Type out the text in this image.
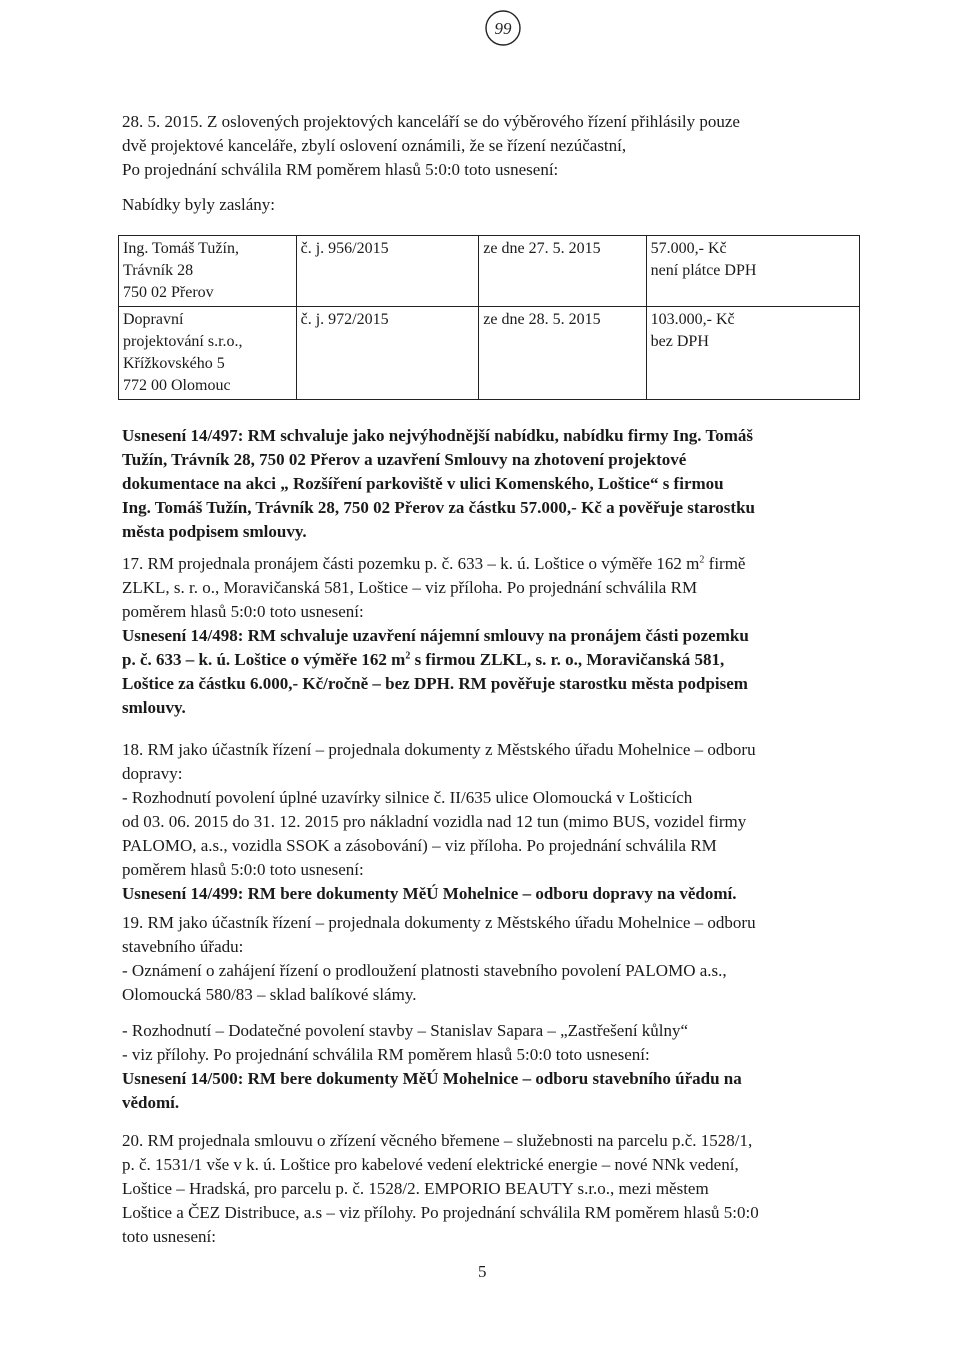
99
28. 5. 2015. Z oslovených projektových kanceláří se do výběrového řízení přihlásily pouze
dvě projektové kanceláře, zbylí oslovení oznámili, že se řízení nezúčastní,
Po projednání schválila RM poměrem hlasů 5:0:0 toto usnesení:
Nabídky byly zaslány:
Ing. Tomáš Tužín,
Trávník 28
750 02 Přerov	č. j. 956/2015	ze dne 27. 5. 2015	57.000,- Kč
není plátce DPH

Dopravní
projektování s.r.o.,
Křížkovského 5
772 00 Olomouc	č. j. 972/2015	ze dne 28. 5. 2015	103.000,- Kč
bez DPH
Usnesení 14/497: RM schvaluje jako nejvýhodnější nabídku, nabídku firmy Ing. Tomáš
Tužín, Trávník 28, 750 02 Přerov a uzavření Smlouvy na zhotovení projektové
dokumentace na akci „ Rozšíření parkoviště v ulici Komenského, Loštice“ s firmou
Ing. Tomáš Tužín, Trávník 28, 750 02 Přerov za částku 57.000,- Kč a pověřuje starostku
města podpisem smlouvy.
17. RM projednala pronájem části pozemku p. č. 633 – k. ú. Loštice o výměře 162 $m^2$ firmě
ZLKL, s. r. o., Moravičanská 581, Loštice – viz příloha. Po projednání schválila RM
poměrem hlasů 5:0:0 toto usnesení:
Usnesení 14/498: RM schvaluje uzavření nájemní smlouvy na pronájem části pozemku
p. č. 633 – k. ú. Loštice o výměře 162 $m^2$ s firmou ZLKL, s. r. o., Moravičanská 581,
Loštice za částku 6.000,- Kč/ročně – bez DPH. RM pověřuje starostku města podpisem
smlouvy.
18. RM jako účastník řízení – projednala dokumenty z Městského úřadu Mohelnice – odboru
dopravy:
- Rozhodnutí povolení úplné uzavírky silnice č. II/635 ulice Olomoucká v Lošticích
od 03. 06. 2015 do 31. 12. 2015 pro nákladní vozidla nad 12 tun (mimo BUS, vozidel firmy
PALOMO, a.s., vozidla SSOK a zásobování) – viz příloha. Po projednání schválila RM
poměrem hlasů 5:0:0 toto usnesení:
Usnesení 14/499: RM bere dokumenty MěÚ Mohelnice – odboru dopravy na vědomí.
19. RM jako účastník řízení – projednala dokumenty z Městského úřadu Mohelnice – odboru
stavebního úřadu:
- Oznámení o zahájení řízení o prodloužení platnosti stavebního povolení PALOMO a.s.,
Olomoucká 580/83 – sklad balíkové slámy.
- Rozhodnutí – Dodatečné povolení stavby – Stanislav Sapara – „Zastřešení kůlny“
- viz přílohy. Po projednání schválila RM poměrem hlasů 5:0:0 toto usnesení:
Usnesení 14/500: RM bere dokumenty MěÚ Mohelnice – odboru stavebního úřadu na
vědomí.
20. RM projednala smlouvu o zřízení věcného břemene – služebnosti na parcelu p.č. 1528/1,
p. č. 1531/1 vše v k. ú. Loštice pro kabelové vedení elektrické energie – nové NNk vedení,
Loštice – Hradská, pro parcelu p. č. 1528/2. EMPORIO BEAUTY s.r.o., mezi městem
Loštice a ČEZ Distribuce, a.s – viz přílohy. Po projednání schválila RM poměrem hlasů 5:0:0
toto usnesení:
5
